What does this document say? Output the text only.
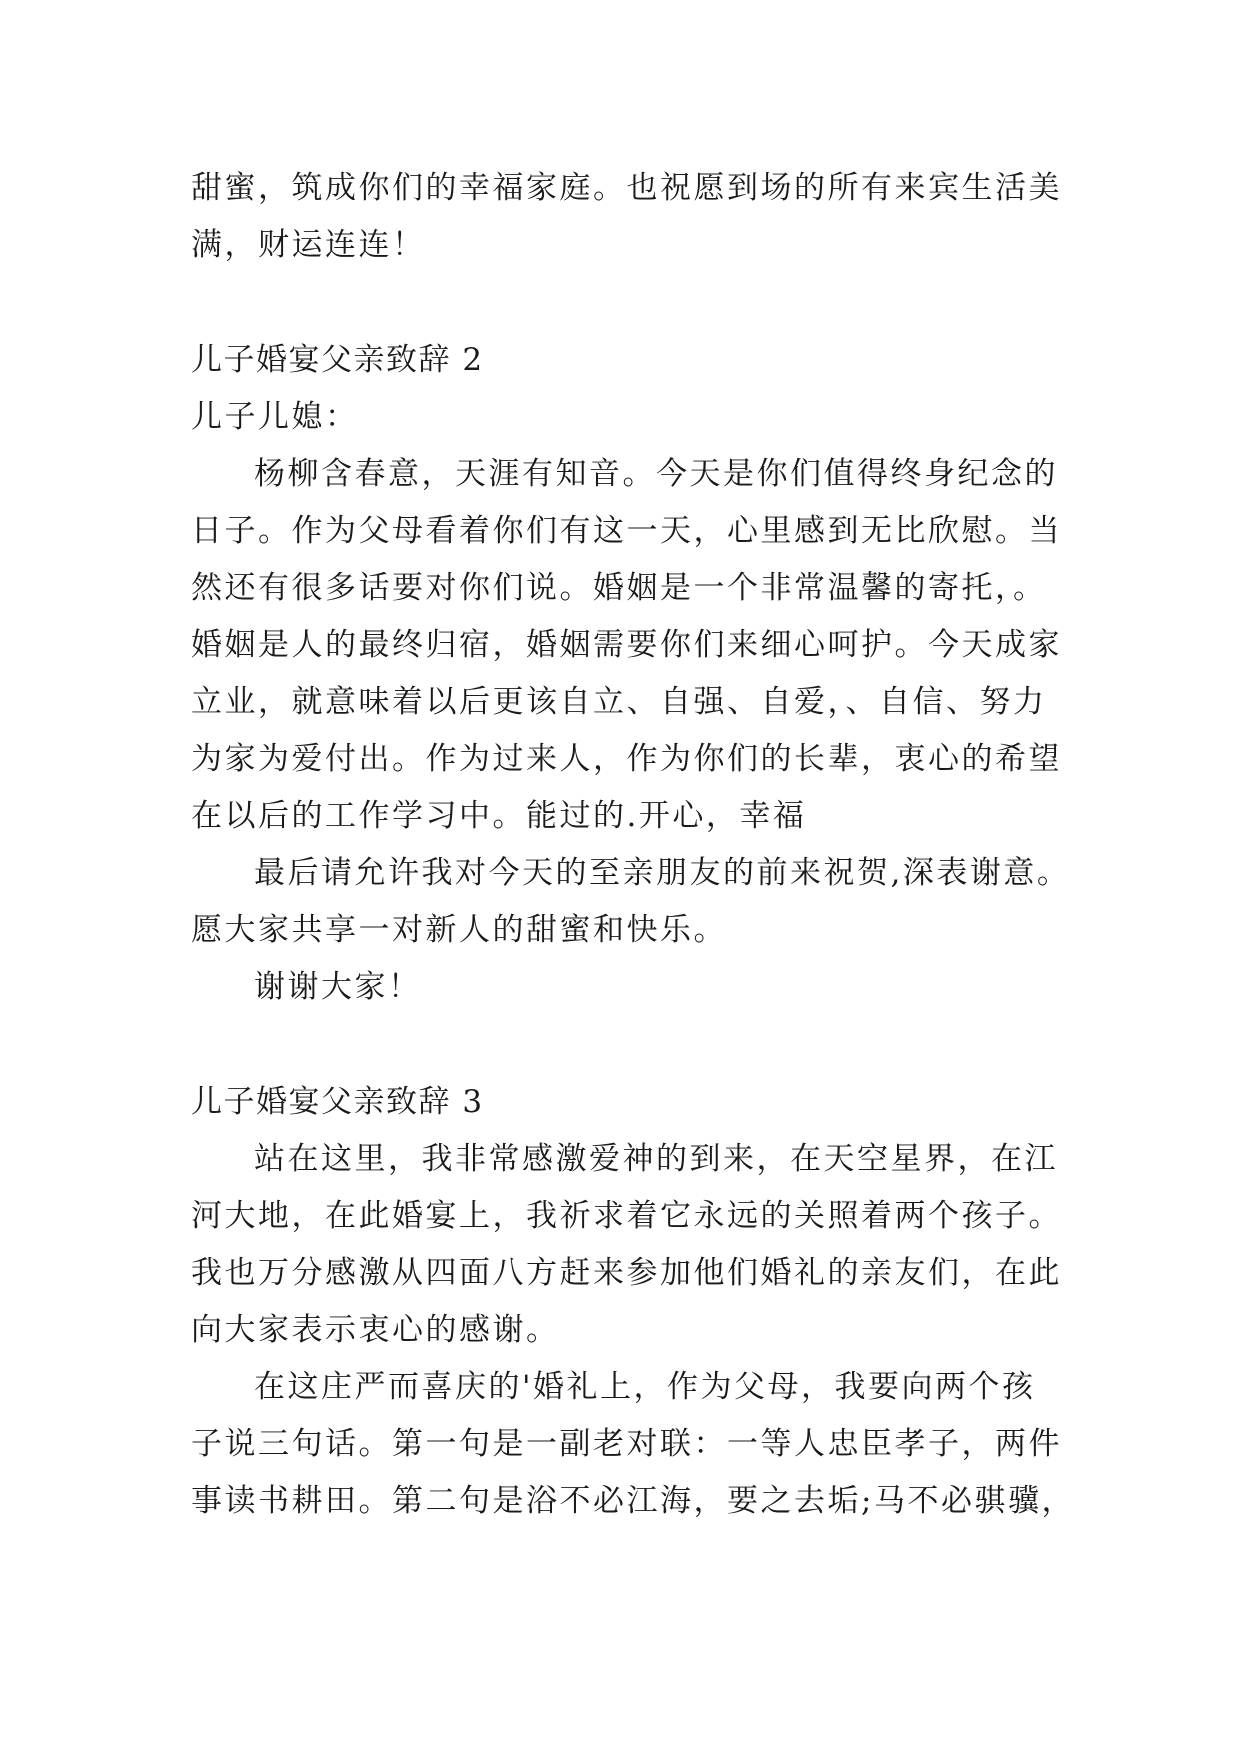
甜蜜，筑成你们的幸福家庭。也祝愿到场的所有来宾生活美
满，财运连连！
儿子婚宴父亲致辞 2
儿子儿媳：
杨柳含春意，天涯有知音。今天是你们值得终身纪念的
日子。作为父母看着你们有这一天，心里感到无比欣慰。当
然还有很多话要对你们说。婚姻是一个非常温馨的寄托，。
婚姻是人的最终归宿，婚姻需要你们来细心呵护。今天成家
立业，就意味着以后更该自立、自强、自爱，、自信、努力
为家为爱付出。作为过来人，作为你们的长辈，衷心的希望
在以后的工作学习中。能过的.开心，幸福
最后请允许我对今天的至亲朋友的前来祝贺,深表谢意。
愿大家共享一对新人的甜蜜和快乐。
谢谢大家！
儿子婚宴父亲致辞 3
站在这里，我非常感激爱神的到来，在天空星界，在江
河大地，在此婚宴上，我祈求着它永远的关照着两个孩子。
我也万分感激从四面八方赶来参加他们婚礼的亲友们，在此
向大家表示衷心的感谢。
在这庄严而喜庆的'婚礼上，作为父母，我要向两个孩
子说三句话。第一句是一副老对联：一等人忠臣孝子，两件
事读书耕田。第二句是浴不必江海，要之去垢;马不必骐骥，
